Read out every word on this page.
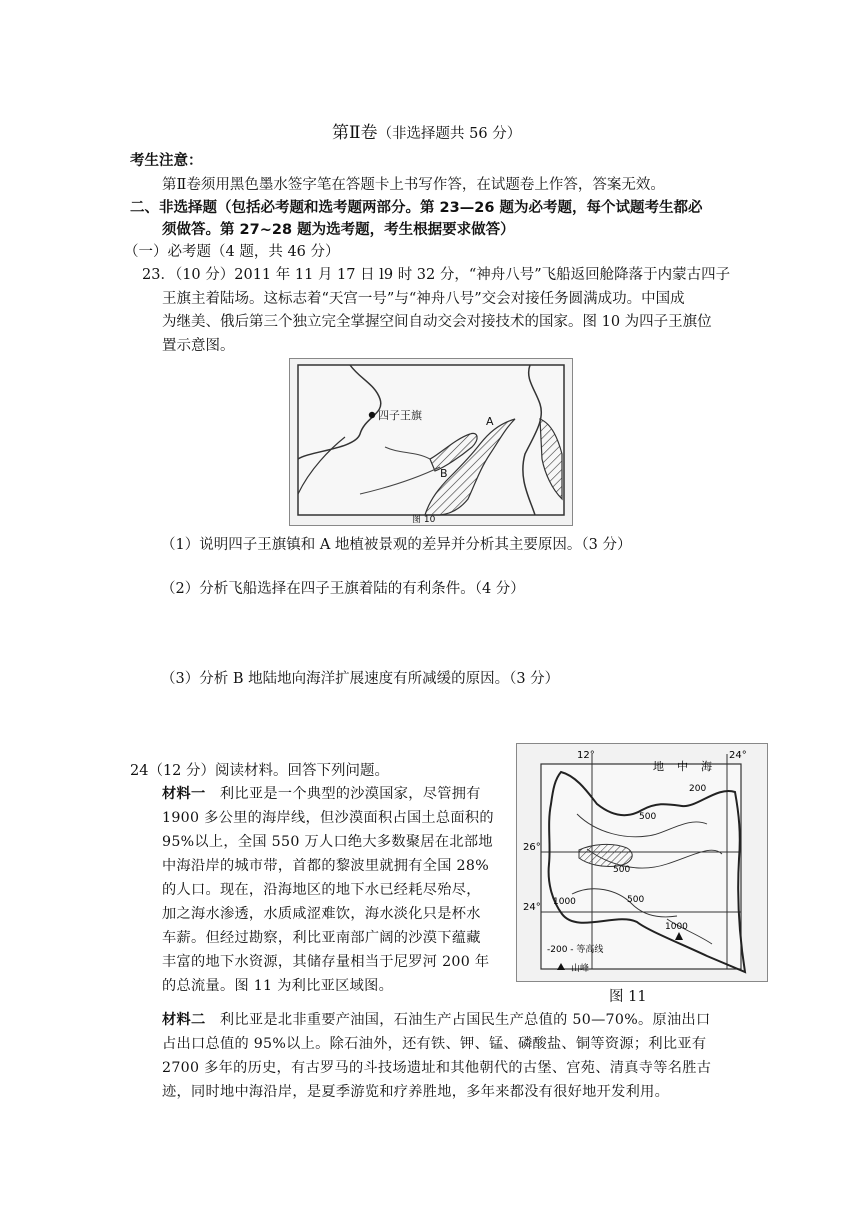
第Ⅱ卷（非选择题共 56 分）
考生注意：
第Ⅱ卷须用黑色墨水签字笔在答题卡上书写作答，在试题卷上作答，答案无效。
二、非选择题（包括必考题和选考题两部分。第 23—26 题为必考题，每个试题考生都必
须做答。第 27~28 题为选考题，考生根据要求做答）
（一）必考题（4 题，共 46 分）
23．（10 分）2011 年 11 月 17 日 l9 时 32 分，“神舟八号”飞船返回舱降落于内蒙古四子
王旗主着陆场。这标志着“天宫一号”与“神舟八号”交会对接任务圆满成功。中国成
为继美、俄后第三个独立完全掌握空间自动交会对接技术的国家。图 10 为四子王旗位
置示意图。
四子王旗	A
B
图 10
（1）说明四子王旗镇和 A 地植被景观的差异并分析其主要原因。（3 分）
（2）分析飞船选择在四子王旗着陆的有利条件。（4 分）
（3）分析 B 地陆地向海洋扩展速度有所减缓的原因。（3 分）
24（12 分）阅读材料。回答下列问题。
材料一 利比亚是一个典型的沙漠国家，尽管拥有
1900 多公里的海岸线，但沙漠面积占国土总面积的
95%以上，全国 550 万人口绝大多数聚居在北部地
中海沿岸的城市带，首都的黎波里就拥有全国 28%
的人口。现在，沿海地区的地下水已经耗尽殆尽，
加之海水渗透，水质咸涩难饮，海水淡化只是杯水
车薪。但经过勘察，利比亚南部广阔的沙漠下蕴藏
丰富的地下水资源，其储存量相当于尼罗河 200 年
的总流量。图 11 为利比亚区域图。
12°	24°
26°
24°
200
500
500
500
1000
1000
地 中 海
-200 - 等高线
山峰
图 11
材料二 利比亚是北非重要产油国，石油生产占国民生产总值的 50—70%。原油出口
占出口总值的 95%以上。除石油外，还有铁、钾、锰、磷酸盐、铜等资源；利比亚有
2700 多年的历史，有古罗马的斗技场遗址和其他朝代的古堡、宫苑、清真寺等名胜古
迹，同时地中海沿岸，是夏季游览和疗养胜地，多年来都没有很好地开发利用。
